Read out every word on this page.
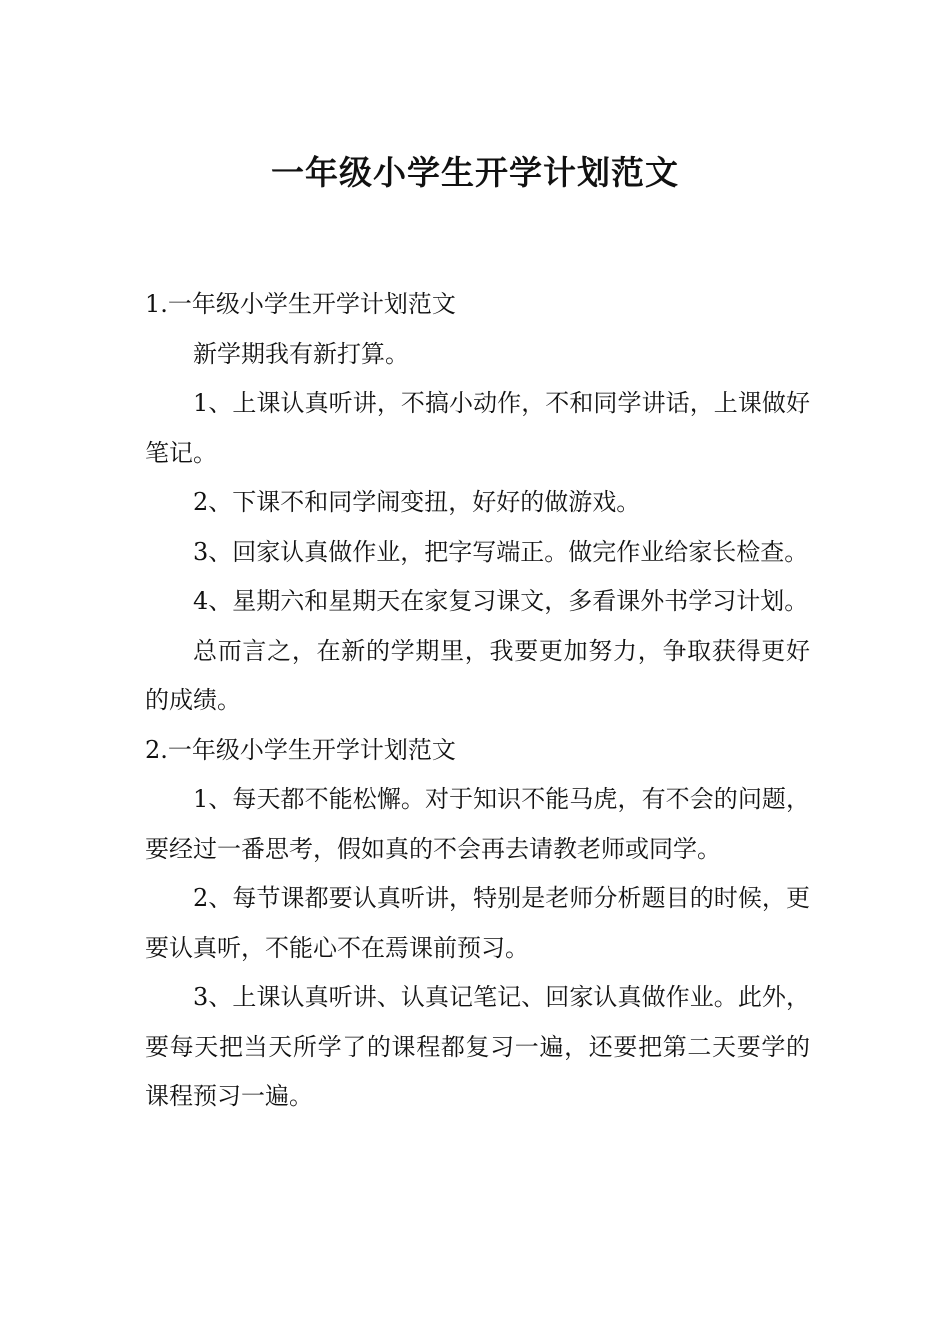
一年级小学生开学计划范文

1.一年级小学生开学计划范文

新学期我有新打算。

1、上课认真听讲，不搞小动作，不和同学讲话，上课做好笔记。

2、下课不和同学闹变扭，好好的做游戏。

3、回家认真做作业，把字写端正。做完作业给家长检查。

4、星期六和星期天在家复习课文，多看课外书学习计划。

总而言之，在新的学期里，我要更加努力，争取获得更好的成绩。

2.一年级小学生开学计划范文

1、每天都不能松懈。对于知识不能马虎，有不会的问题，要经过一番思考，假如真的不会再去请教老师或同学。

2、每节课都要认真听讲，特别是老师分析题目的时候，更要认真听，不能心不在焉课前预习。

3、上课认真听讲、认真记笔记、回家认真做作业。此外，要每天把当天所学了的课程都复习一遍，还要把第二天要学的课程预习一遍。
